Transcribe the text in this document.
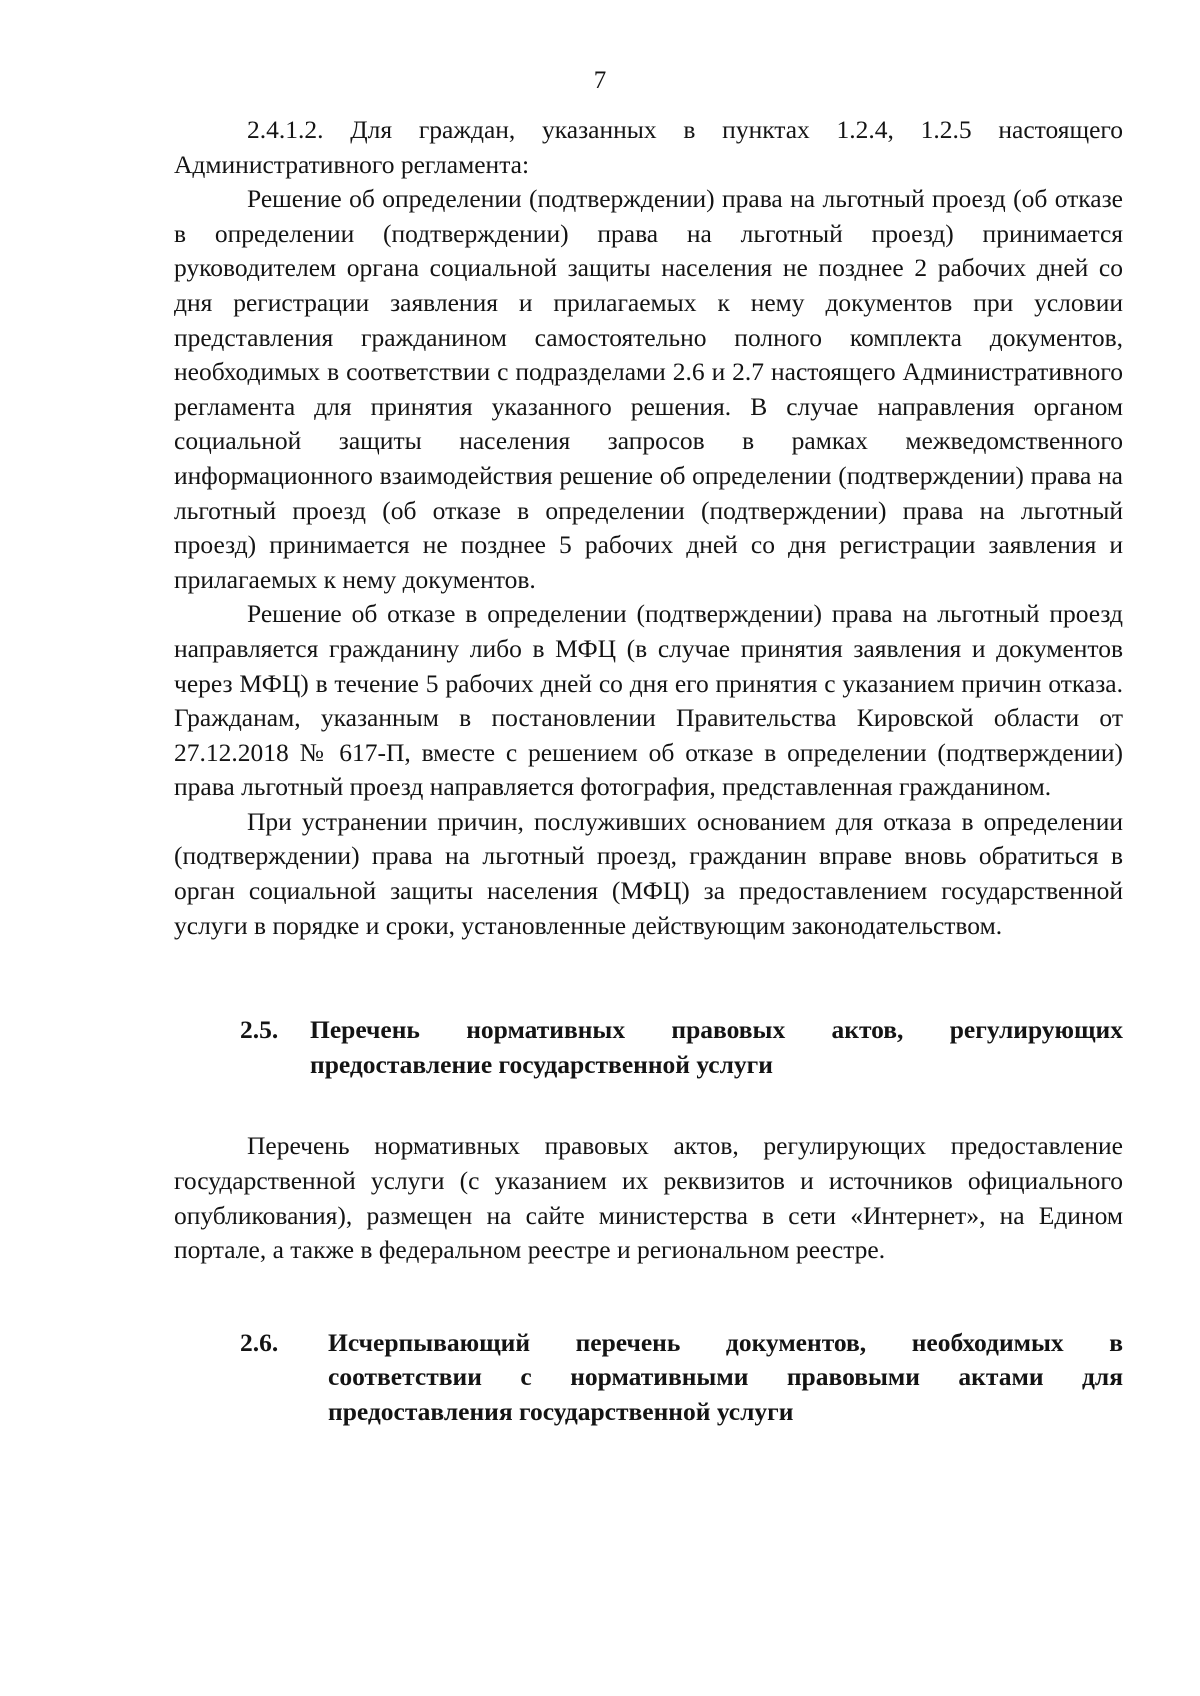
7

2.4.1.2. Для граждан, указанных в пунктах 1.2.4, 1.2.5 настоящего Административного регламента:

Решение об определении (подтверждении) права на льготный проезд (об отказе в определении (подтверждении) права на льготный проезд) принимается руководителем органа социальной защиты населения не позднее 2 рабочих дней со дня регистрации заявления и прилагаемых к нему документов при условии представления гражданином самостоятельно полного комплекта документов, необходимых в соответствии с подразделами 2.6 и 2.7 настоящего Административного регламента для принятия указанного решения. В случае направления органом социальной защиты населения запросов в рамках межведомственного информационного взаимодействия решение об определении (подтверждении) права на льготный проезд (об отказе в определении (подтверждении) права на льготный проезд) принимается не позднее 5 рабочих дней со дня регистрации заявления и прилагаемых к нему документов.

Решение об отказе в определении (подтверждении) права на льготный проезд направляется гражданину либо в МФЦ (в случае принятия заявления и документов через МФЦ) в течение 5 рабочих дней со дня его принятия с указанием причин отказа. Гражданам, указанным в постановлении Правительства Кировской области от 27.12.2018 № 617-П, вместе с решением об отказе в определении (подтверждении) права льготный проезд направляется фотография, представленная гражданином.

При устранении причин, послуживших основанием для отказа в определении (подтверждении) права на льготный проезд, гражданин вправе вновь обратиться в орган социальной защиты населения (МФЦ) за предоставлением государственной услуги в порядке и сроки, установленные действующим законодательством.

2.5.	Перечень нормативных правовых актов, регулирующих предоставление государственной услуги

Перечень нормативных правовых актов, регулирующих предоставление государственной услуги (с указанием их реквизитов и источников официального опубликования), размещен на сайте министерства в сети «Интернет», на Едином портале, а также в федеральном реестре и региональном реестре.

2.6.	Исчерпывающий перечень документов, необходимых в соответствии с нормативными правовыми актами для предоставления государственной услуги
